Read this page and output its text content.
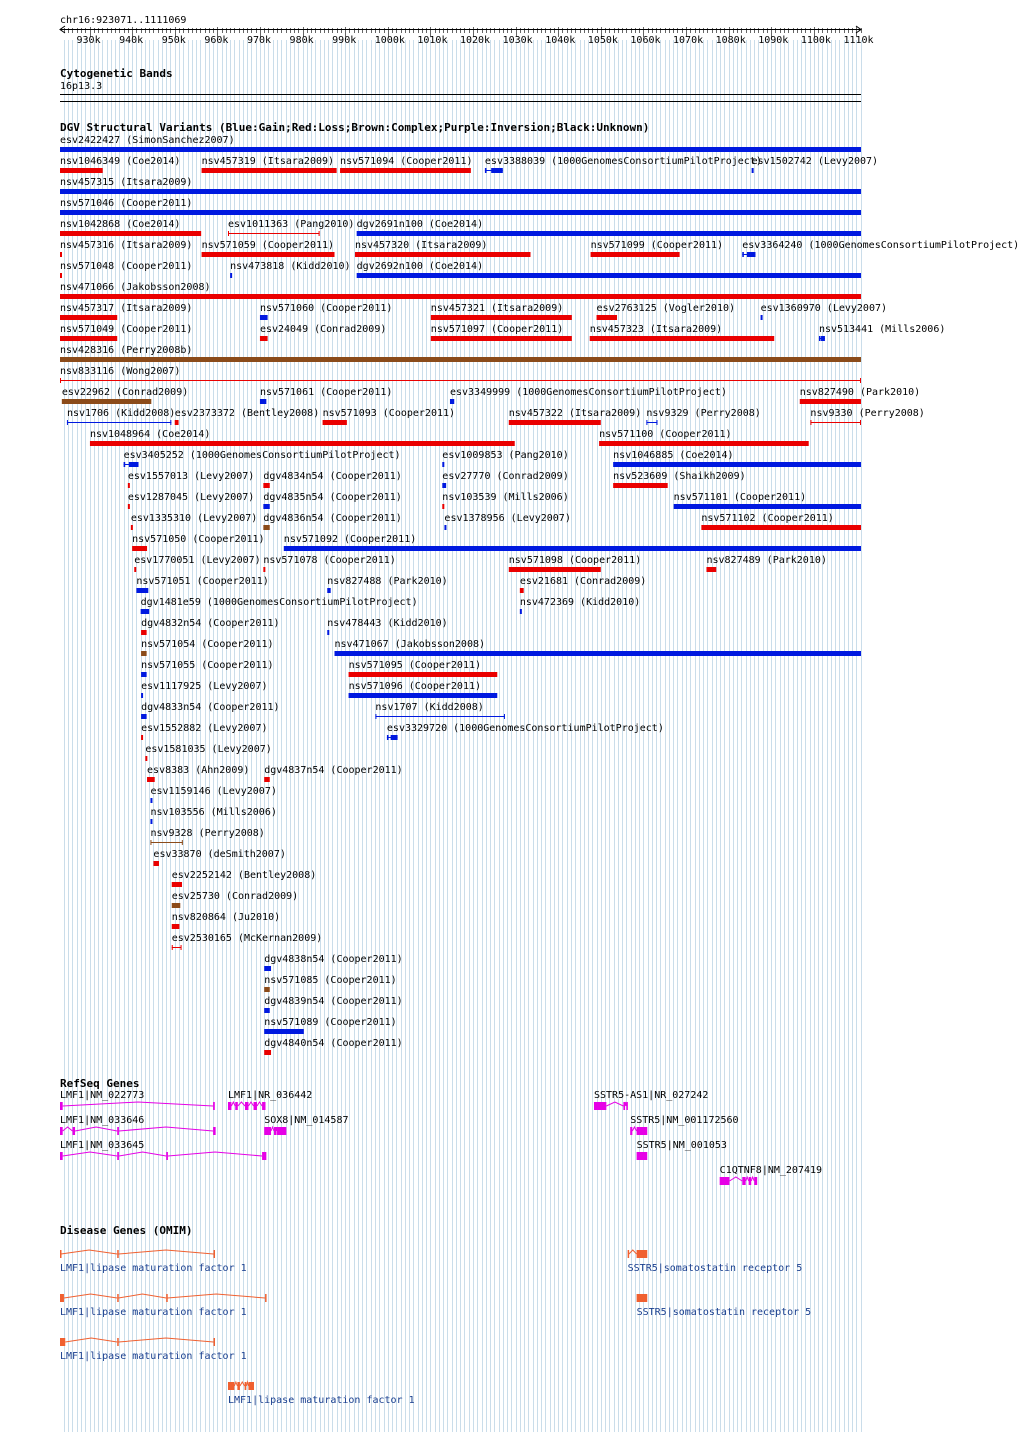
chr16:923071..1111069
930k 940k 950k 960k 970k 980k 990k 1000k 1010k 1020k 1030k 1040k 1050k 1060k 1070k 1080k 1090k 1100k 1110k
Cytogenetic Bands
16p13.3
DGV Structural Variants (Blue:Gain;Red:Loss;Brown:Complex;Purple:Inversion;Black:Unknown)
esv2422427 (SimonSanchez2007)
nsv1046349 (Coe2014) nsv457319 (Itsara2009) nsv571094 (Cooper2011) esv3388039 (1000GenomesConsortiumPilotProject)
esv1502742 (Levy2007)
nsv457315 (Itsara2009)
nsv571046 (Cooper2011)
nsv1042868 (Coe2014)	esv1011363 (Pang2010) dgv2691n100 (Coe2014)
nsv457316 (Itsara2009) nsv571059 (Cooper2011) nsv457320 (Itsara2009)	nsv571099 (Cooper2011) esv3364240 (1000GenomesConsortiumPilotProject)
nsv571048 (Cooper2011)	nsv473818 (Kidd2010) dgv2692n100 (Coe2014)
nsv471066 (Jakobsson2008)
nsv457317 (Itsara2009)	nsv571060 (Cooper2011)	nsv457321 (Itsara2009)	esv2763125 (Vogler2010)	esv1360970 (Levy2007)
nsv571049 (Cooper2011)	esv24049 (Conrad2009)	nsv571097 (Cooper2011)	nsv457323 (Itsara2009)	nsv513441 (Mills2006)
nsv428316 (Perry2008b)
nsv833116 (Wong2007)
esv22962 (Conrad2009)	nsv571061 (Cooper2011)	esv3349999 (1000GenomesConsortiumPilotProject)	nsv827490 (Park2010)
nsv1706 (Kidd2008) esv2373372 (Bentley2008) nsv571093 (Cooper2011)	nsv457322 (Itsara2009) nsv9329 (Perry2008)	nsv9330 (Perry2008)
nsv1048964 (Coe2014)	nsv571100 (Cooper2011)
esv3405252 (1000GenomesConsortiumPilotProject)	esv1009853 (Pang2010)	nsv1046885 (Coe2014)
esv1557013 (Levy2007) dgv4834n54 (Cooper2011)	esv27770 (Conrad2009)	nsv523609 (Shaikh2009)
esv1287045 (Levy2007) dgv4835n54 (Cooper2011)	nsv103539 (Mills2006)	nsv571101 (Cooper2011)
esv1335310 (Levy2007) dgv4836n54 (Cooper2011)	esv1378956 (Levy2007)	nsv571102 (Cooper2011)
nsv571050 (Cooper2011) nsv571092 (Cooper2011)
esv1770051 (Levy2007) nsv571078 (Cooper2011)	nsv571098 (Cooper2011)	nsv827489 (Park2010)
nsv571051 (Cooper2011)	nsv827488 (Park2010)	esv21681 (Conrad2009)
dgv1481e59 (1000GenomesConsortiumPilotProject)	nsv472369 (Kidd2010)
dgv4832n54 (Cooper2011)	nsv478443 (Kidd2010)
nsv571054 (Cooper2011)	nsv471067 (Jakobsson2008)
nsv571055 (Cooper2011)	nsv571095 (Cooper2011)
esv1117925 (Levy2007)	nsv571096 (Cooper2011)
dgv4833n54 (Cooper2011)	nsv1707 (Kidd2008)
esv1552882 (Levy2007)	esv3329720 (1000GenomesConsortiumPilotProject)
esv1581035 (Levy2007)
esv8383 (Ahn2009) dgv4837n54 (Cooper2011)
esv1159146 (Levy2007)
nsv103556 (Mills2006)
nsv9328 (Perry2008)
esv33870 (deSmith2007)
esv2252142 (Bentley2008)
esv25730 (Conrad2009)
nsv820864 (Ju2010)
esv2530165 (McKernan2009)
dgv4838n54 (Cooper2011)
nsv571085 (Cooper2011)
dgv4839n54 (Cooper2011)
nsv571089 (Cooper2011)
dgv4840n54 (Cooper2011)
RefSeq Genes
LMF1|NM_022773	LMF1|NR_036442	SSTR5-AS1|NR_027242
LMF1|NM_033646	SOX8|NM_014587	SSTR5|NM_001172560
LMF1|NM_033645	SSTR5|NM_001053
C1QTNF8|NM_207419
Disease Genes (OMIM)
LMF1|lipase maturation factor 1	SSTR5|somatostatin receptor 5
LMF1|lipase maturation factor 1	SSTR5|somatostatin receptor 5
LMF1|lipase maturation factor 1
LMF1|lipase maturation factor 1
